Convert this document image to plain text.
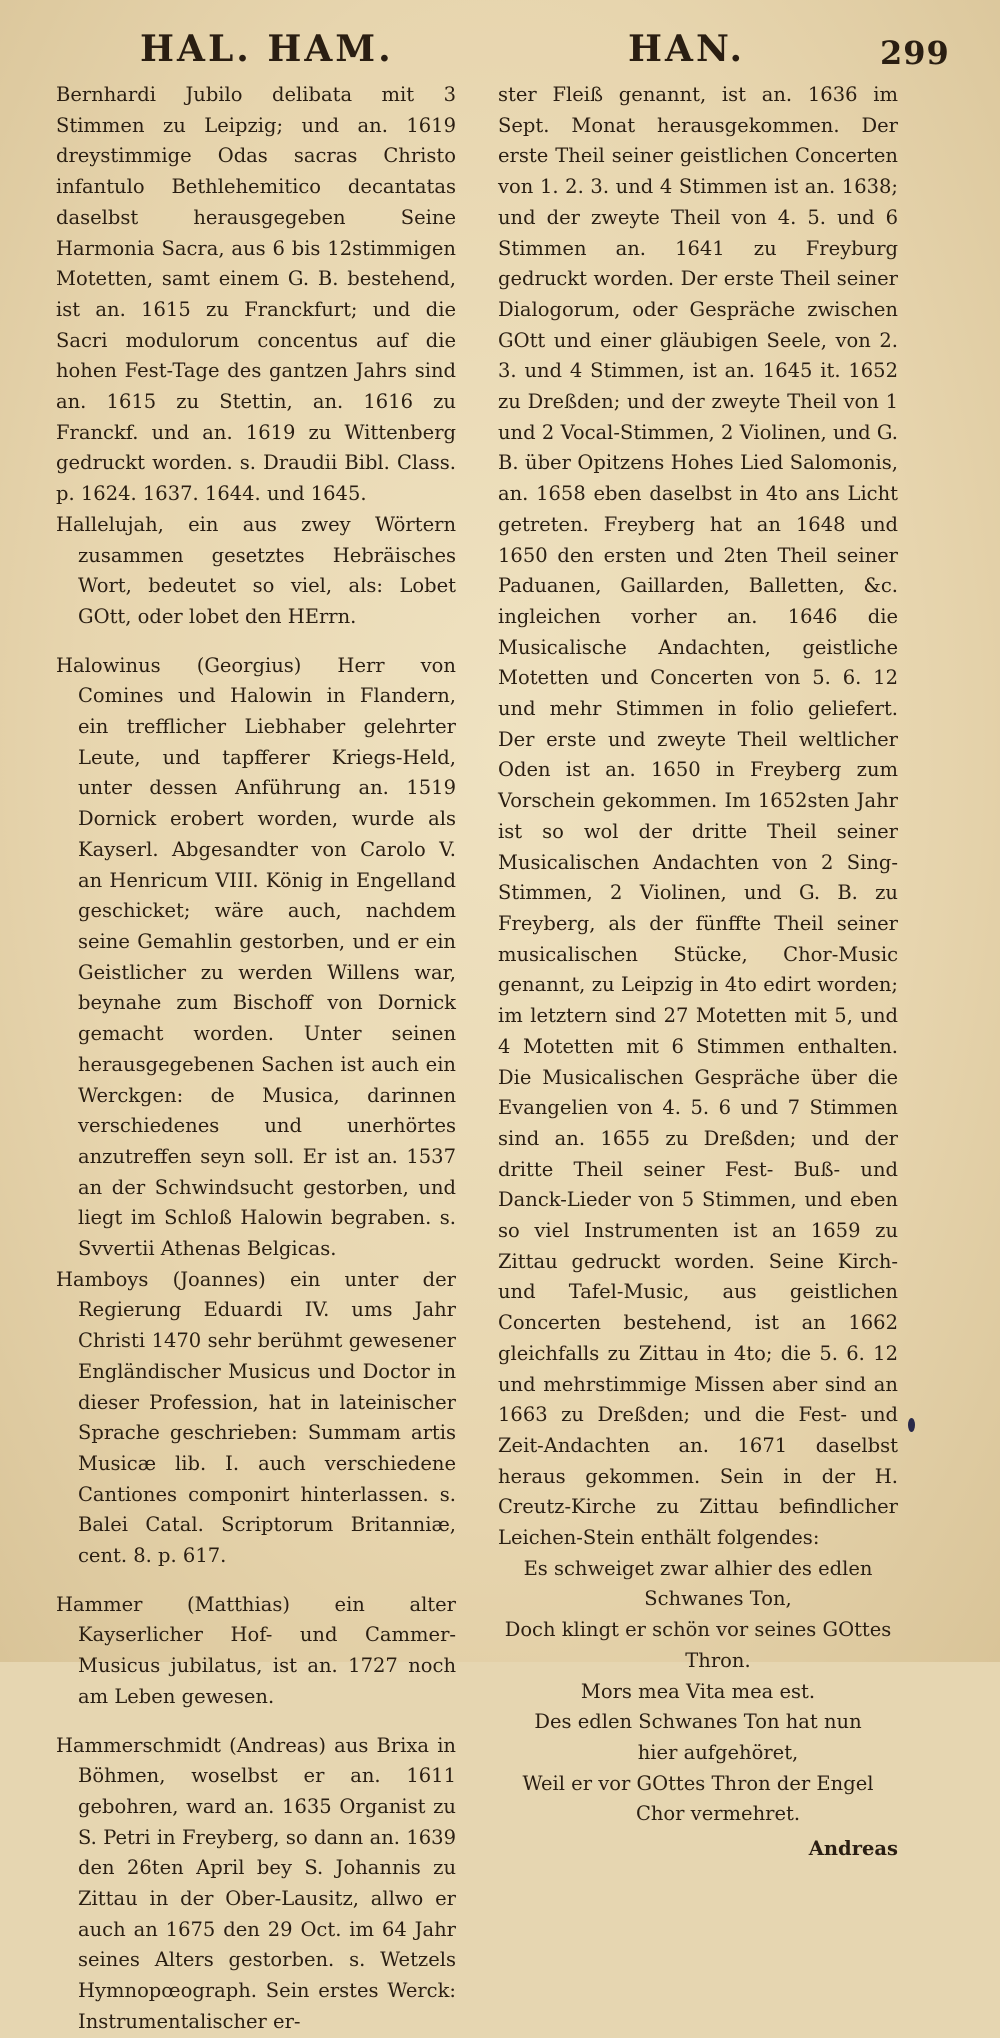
HAL. HAM.	HAN.	299

Bernhardi Jubilo delibata mit 3 Stimmen zu Leipzig; und an. 1619 dreystimmige Odas sacras Christo infantulo Bethlehemitico decantatas daselbst herausgegeben Seine Harmonia Sacra, aus 6 bis 12stimmigen Motetten, samt einem G. B. bestehend, ist an. 1615 zu Franckfurt; und die Sacri modulorum concentus auf die hohen Fest-Tage des gantzen Jahrs sind an. 1615 zu Stettin, an. 1616 zu Franckf. und an. 1619 zu Wittenberg gedruckt worden. s. Draudii Bibl. Class. p. 1624. 1637. 1644. und 1645.

Hallelujah, ein aus zwey Wörtern zusammen gesetztes Hebräisches Wort, bedeutet so viel, als: Lobet GOtt, oder lobet den HErrn.

Halowinus (Georgius) Herr von Comines und Halowin in Flandern, ein trefflicher Liebhaber gelehrter Leute, und tapfferer Kriegs-Held, unter dessen Anführung an. 1519 Dornick erobert worden, wurde als Kayserl. Abgesandter von Carolo V. an Henricum VIII. König in Engelland geschicket; wäre auch, nachdem seine Gemahlin gestorben, und er ein Geistlicher zu werden Willens war, beynahe zum Bischoff von Dornick gemacht worden. Unter seinen herausgegebenen Sachen ist auch ein Werckgen: de Musica, darinnen verschiedenes und unerhörtes anzutreffen seyn soll. Er ist an. 1537 an der Schwindsucht gestorben, und liegt im Schloß Halowin begraben. s. Svvertii Athenas Belgicas.

Hamboys (Joannes) ein unter der Regierung Eduardi IV. ums Jahr Christi 1470 sehr berühmt gewesener Engländischer Musicus und Doctor in dieser Profession, hat in lateinischer Sprache geschrieben: Summam artis Musicæ lib. I. auch verschiedene Cantiones componirt hinterlassen. s. Balei Catal. Scriptorum Britanniæ, cent. 8. p. 617.

Hammer (Matthias) ein alter Kayserlicher Hof- und Cammer-Musicus jubilatus, ist an. 1727 noch am Leben gewesen.

Hammerschmidt (Andreas) aus Brixa in Böhmen, woselbst er an. 1611 gebohren, ward an. 1635 Organist zu S. Petri in Freyberg, so dann an. 1639 den 26ten April bey S. Johannis zu Zittau in der Ober-Lausitz, allwo er auch an 1675 den 29 Oct. im 64 Jahr seines Alters gestorben. s. Wetzels Hymnopœograph. Sein erstes Werck: Instrumentalischer er-

ster Fleiß genannt, ist an. 1636 im Sept. Monat herausgekommen. Der erste Theil seiner geistlichen Concerten von 1. 2. 3. und 4 Stimmen ist an. 1638; und der zweyte Theil von 4. 5. und 6 Stimmen an. 1641 zu Freyburg gedruckt worden. Der erste Theil seiner Dialogorum, oder Gespräche zwischen GOtt und einer gläubigen Seele, von 2. 3. und 4 Stimmen, ist an. 1645 it. 1652 zu Dreßden; und der zweyte Theil von 1 und 2 Vocal-Stimmen, 2 Violinen, und G. B. über Opitzens Hohes Lied Salomonis, an. 1658 eben daselbst in 4to ans Licht getreten. Freyberg hat an 1648 und 1650 den ersten und 2ten Theil seiner Paduanen, Gaillarden, Balletten, &c. ingleichen vorher an. 1646 die Musicalische Andachten, geistliche Motetten und Concerten von 5. 6. 12 und mehr Stimmen in folio geliefert. Der erste und zweyte Theil weltlicher Oden ist an. 1650 in Freyberg zum Vorschein gekommen. Im 1652sten Jahr ist so wol der dritte Theil seiner Musicalischen Andachten von 2 Sing-Stimmen, 2 Violinen, und G. B. zu Freyberg, als der fünffte Theil seiner musicalischen Stücke, Chor-Music genannt, zu Leipzig in 4to edirt worden; im letztern sind 27 Motetten mit 5, und 4 Motetten mit 6 Stimmen enthalten. Die Musicalischen Gespräche über die Evangelien von 4. 5. 6 und 7 Stimmen sind an. 1655 zu Dreßden; und der dritte Theil seiner Fest- Buß- und Danck-Lieder von 5 Stimmen, und eben so viel Instrumenten ist an 1659 zu Zittau gedruckt worden. Seine Kirch- und Tafel-Music, aus geistlichen Concerten bestehend, ist an 1662 gleichfalls zu Zittau in 4to; die 5. 6. 12 und mehrstimmige Missen aber sind an 1663 zu Dreßden; und die Fest- und Zeit-Andachten an. 1671 daselbst heraus gekommen. Sein in der H. Creutz-Kirche zu Zittau befindlicher Leichen-Stein enthält folgendes:

Es schweiget zwar alhier des edlen

Schwanes Ton,

Doch klingt er schön vor seines GOttes

Thron.

Mors mea Vita mea est.

Des edlen Schwanes Ton hat nun

hier aufgehöret,

Weil er vor GOttes Thron der Engel

Chor vermehret.

Andreas
